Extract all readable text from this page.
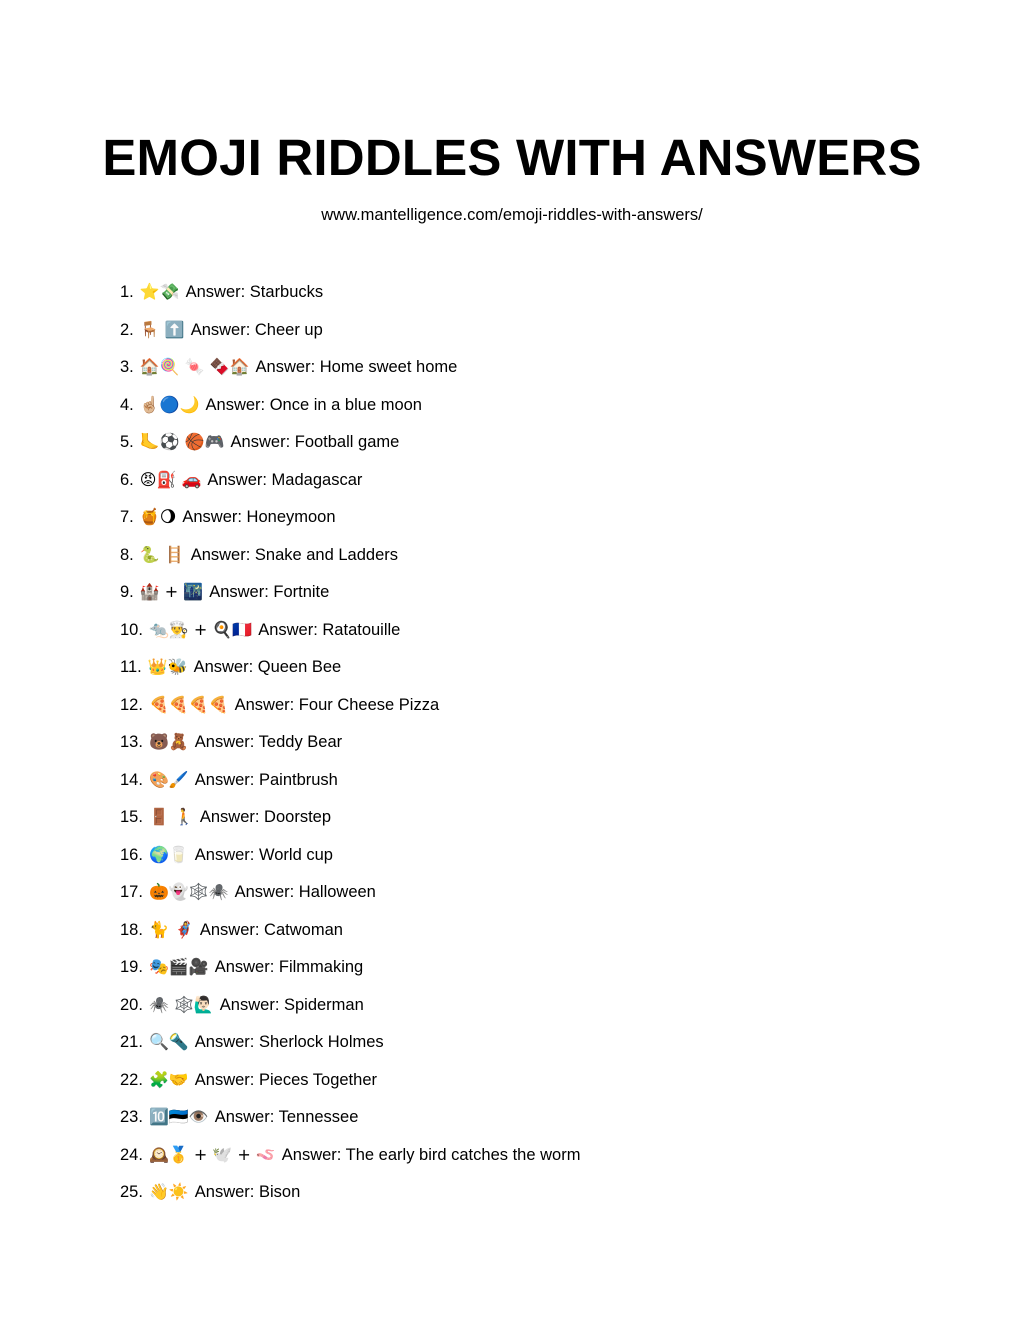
EMOJI RIDDLES WITH ANSWERS
www.mantelligence.com/emoji-riddles-with-answers/
1. ⭐💸 Answer: Starbucks
2. 🪑 ⬆️ Answer: Cheer up
3. 🏠🍭 🍬 🍫🏠 Answer: Home sweet home
4. ☝🏼🔵🌙 Answer: Once in a blue moon
5. 🦶⚽ 🏀🎮 Answer: Football game
6. 😡⛽ 🚗 Answer: Madagascar
7. 🍯🌖 Answer: Honeymoon
8. 🐍 🪜 Answer: Snake and Ladders
9. 🏰 + 🌃 Answer: Fortnite
10. 🐀👨‍🍳 + 🍳🇫🇷 Answer: Ratatouille
11. 👑🐝 Answer: Queen Bee
12. 🍕🍕🍕🍕 Answer: Four Cheese Pizza
13. 🐻🧸 Answer: Teddy Bear
14. 🎨🖌️ Answer: Paintbrush
15. 🚪 🚶 Answer: Doorstep
16. 🌍🥛 Answer: World cup
17. 🎃👻🕸️🕷️ Answer: Halloween
18. 🐈 🦸‍♀️ Answer: Catwoman
19. 🎭🎬🎥 Answer: Filmmaking
20. 🕷️ 🕸️🙋🏻‍♂️ Answer: Spiderman
21. 🔍🔦 Answer: Sherlock Holmes
22. 🧩🤝 Answer: Pieces Together
23. 🔟🇪🇪👁️ Answer: Tennessee
24. 🕰️🥇 + 🕊️ + 🪱 Answer: The early bird catches the worm
25. 👋☀️ Answer: Bison
